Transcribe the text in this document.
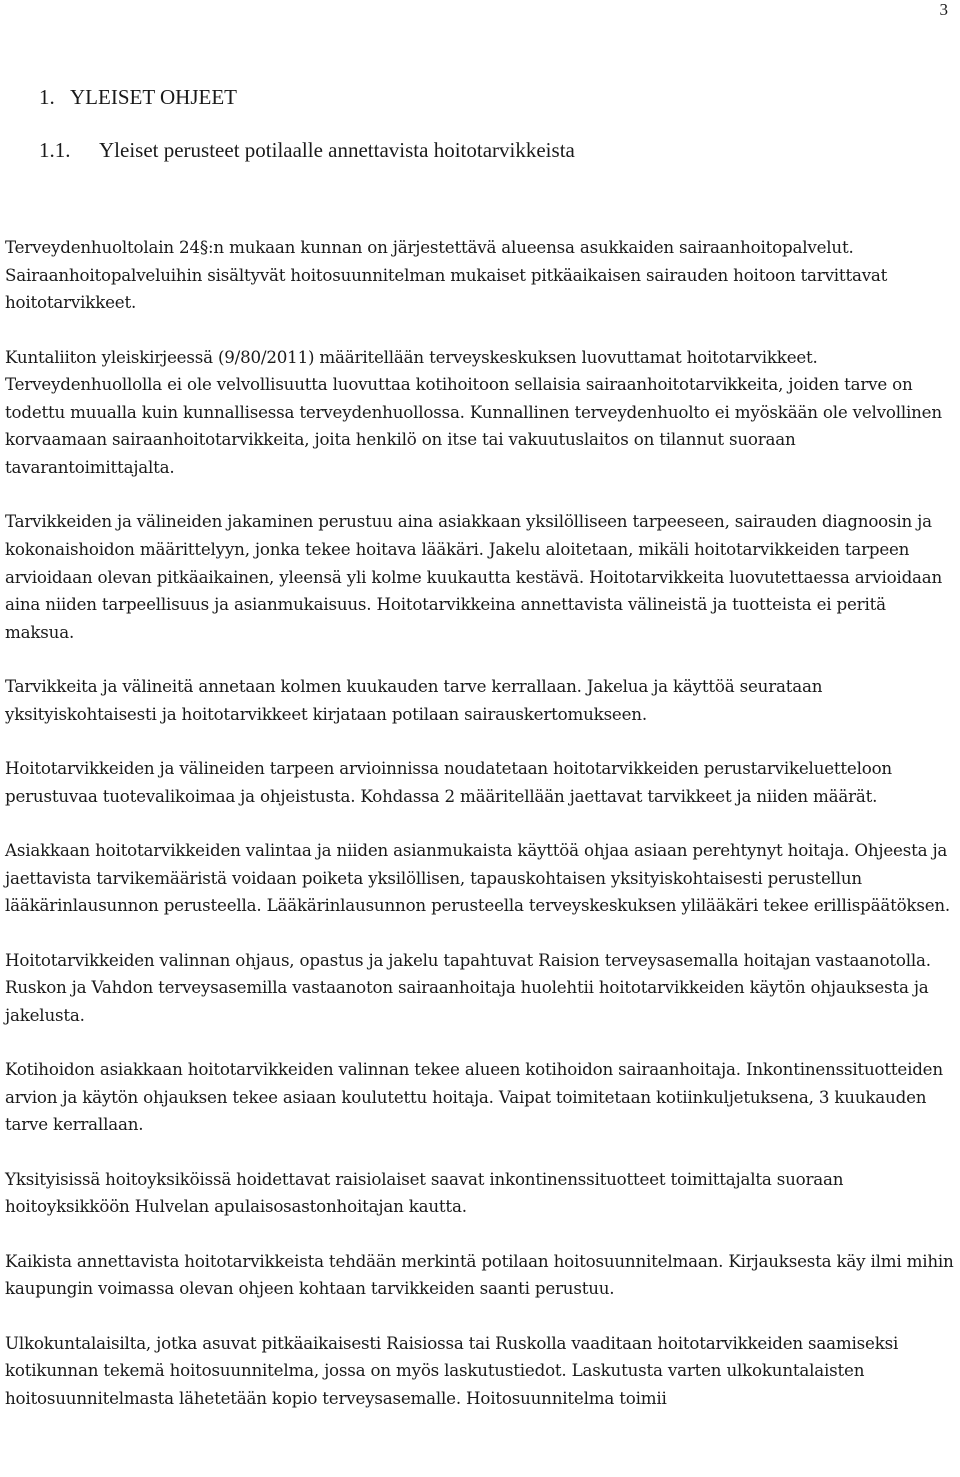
3
1. YLEISET OHJEET
1.1. Yleiset perusteet potilaalle annettavista hoitotarvikkeista

Terveydenhuoltolain 24§:n mukaan kunnan on järjestettävä alueensa asukkaiden sairaanhoitopalvelut. Sairaanhoitopalveluihin sisältyvät hoitosuunnitelman mukaiset pitkäaikaisen sairauden hoitoon tarvittavat hoitotarvikkeet.

Kuntaliiton yleiskirjeessä (9/80/2011) määritellään terveyskeskuksen luovuttamat hoitotarvikkeet. Terveydenhuollolla ei ole velvollisuutta luovuttaa kotihoitoon sellaisia sairaanhoitotarvikkeita, joiden tarve on todettu muualla kuin kunnallisessa terveydenhuollossa. Kunnallinen terveydenhuolto ei myöskään ole velvollinen korvaamaan sairaanhoitotarvikkeita, joita henkilö on itse tai vakuutuslaitos on tilannut suoraan tavarantoimittajalta.

Tarvikkeiden ja välineiden jakaminen perustuu aina asiakkaan yksilölliseen tarpeeseen, sairauden diagnoosin ja kokonaishoidon määrittelyyn, jonka tekee hoitava lääkäri. Jakelu aloitetaan, mikäli hoitotarvikkeiden tarpeen arvioidaan olevan pitkäaikainen, yleensä yli kolme kuukautta kestävä. Hoitotarvikkeita luovutettaessa arvioidaan aina niiden tarpeellisuus ja asianmukaisuus. Hoitotarvikkeina annettavista välineistä ja tuotteista ei peritä maksua.

Tarvikkeita ja välineitä annetaan kolmen kuukauden tarve kerrallaan. Jakelua ja käyttöä seurataan yksityiskohtaisesti ja hoitotarvikkeet kirjataan potilaan sairauskertomukseen.

Hoitotarvikkeiden ja välineiden tarpeen arvioinnissa noudatetaan hoitotarvikkeiden perustarvikeluetteloon perustuvaa tuotevalikoimaa ja ohjeistusta. Kohdassa 2 määritellään jaettavat tarvikkeet ja niiden määrät.

Asiakkaan hoitotarvikkeiden valintaa ja niiden asianmukaista käyttöä ohjaa asiaan perehtynyt hoitaja. Ohjeesta ja jaettavista tarvikemääristä voidaan poiketa yksilöllisen, tapauskohtaisen yksityiskohtaisesti perustellun lääkärinlausunnon perusteella. Lääkärinlausunnon perusteella terveyskeskuksen ylilääkäri tekee erillispäätöksen.

Hoitotarvikkeiden valinnan ohjaus, opastus ja jakelu tapahtuvat Raision terveysasemalla hoitajan vastaanotolla. Ruskon ja Vahdon terveysasemilla vastaanoton sairaanhoitaja huolehtii hoitotarvikkeiden käytön ohjauksesta ja jakelusta.

Kotihoidon asiakkaan hoitotarvikkeiden valinnan tekee alueen kotihoidon sairaanhoitaja. Inkontinenssituotteiden arvion ja käytön ohjauksen tekee asiaan koulutettu hoitaja. Vaipat toimitetaan kotiinkuljetuksena, 3 kuukauden tarve kerrallaan.

Yksityisissä hoitoyksiköissä hoidettavat raisiolaiset saavat inkontinenssituotteet toimittajalta suoraan hoitoyksikköön Hulvelan apulaisosastonhoitajan kautta.

Kaikista annettavista hoitotarvikkeista tehdään merkintä potilaan hoitosuunnitelmaan. Kirjauksesta käy ilmi mihin kaupungin voimassa olevan ohjeen kohtaan tarvikkeiden saanti perustuu.

Ulkokuntalaisilta, jotka asuvat pitkäaikaisesti Raisiossa tai Ruskolla vaaditaan hoitotarvikkeiden saamiseksi kotikunnan tekemä hoitosuunnitelma, jossa on myös laskutustiedot. Laskutusta varten ulkokuntalaisten hoitosuunnitelmasta lähetetään kopio terveysasemalle. Hoitosuunnitelma toimii
